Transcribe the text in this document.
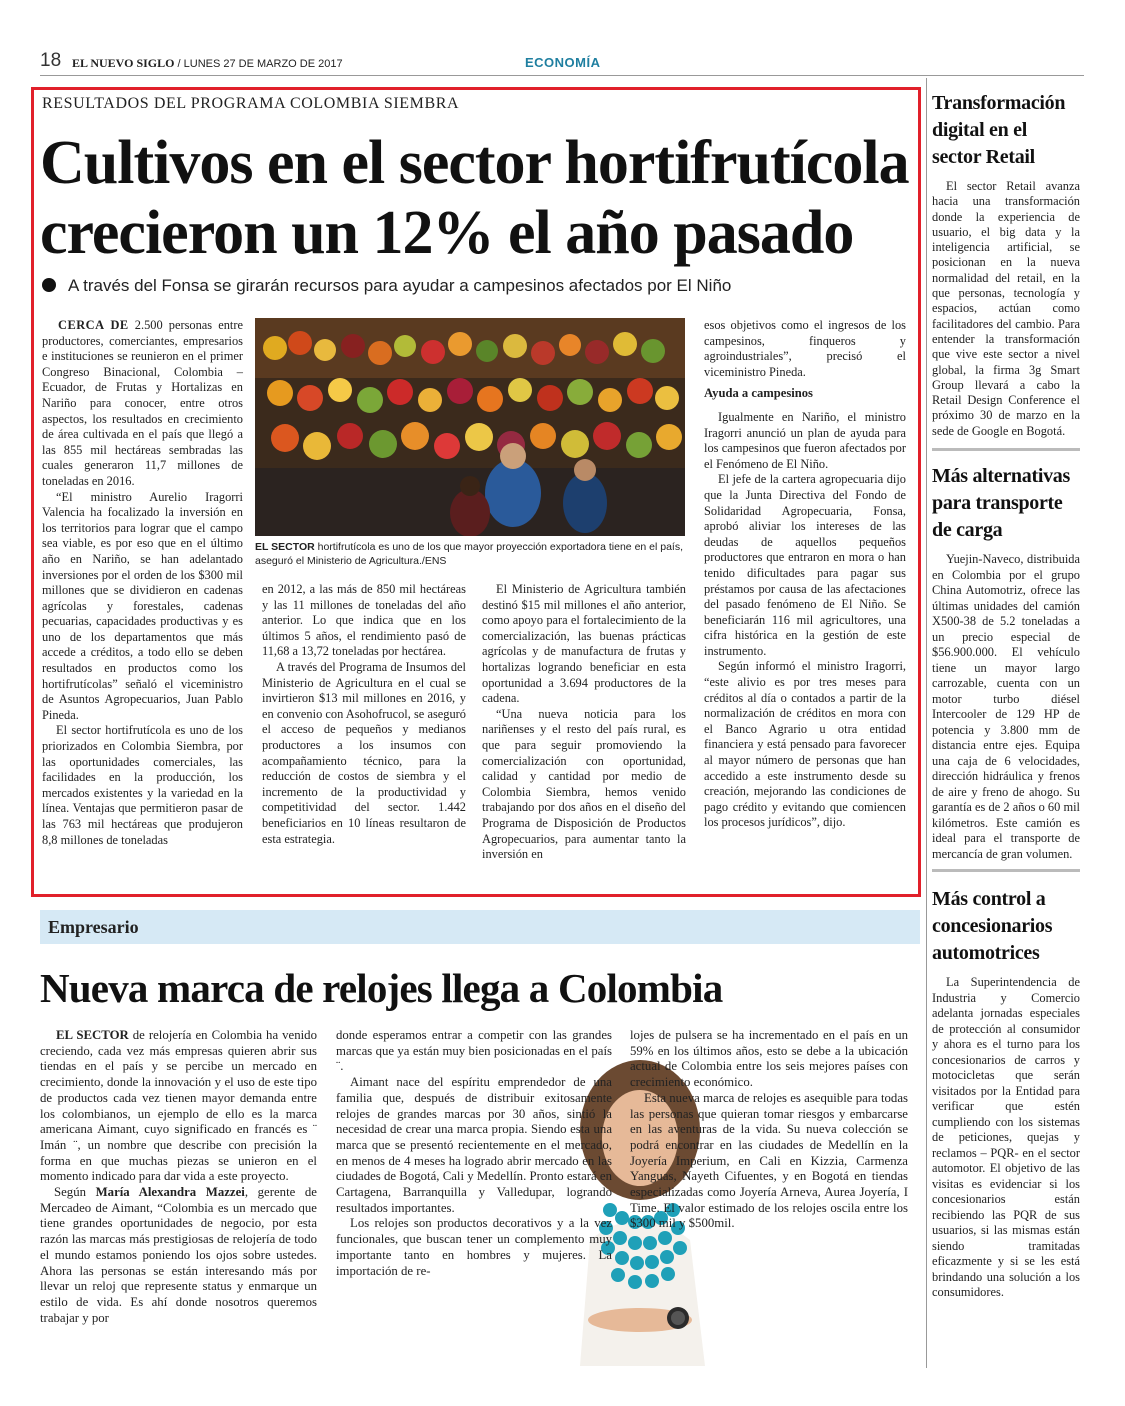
18 EL NUEVO SIGLO / LUNES 27 DE MARZO DE 2017	ECONOMÍA
RESULTADOS DEL PROGRAMA COLOMBIA SIEMBRA
Cultivos en el sector hortifrutícola
crecieron un 12% el año pasado
A través del Fonsa se girarán recursos para ayudar a campesinos afectados por El Niño

CERCA DE 2.500 personas entre productores, comerciantes, empresarios e instituciones se reunieron en el primer Congreso Binacional, Colombia – Ecuador, de Frutas y Hortalizas en Nariño para conocer, entre otros aspectos, los resultados en crecimiento de área cultivada en el país que llegó a las 855 mil hectáreas sembradas las cuales generaron 11,7 millones de toneladas en 2016.

“El ministro Aurelio Iragorri Valencia ha focalizado la inversión en los territorios para lograr que el campo sea viable, es por eso que en el último año en Nariño, se han adelantado inversiones por el orden de los $300 mil millones que se dividieron en cadenas agrícolas y forestales, cadenas pecuarias, capacidades productivas y es uno de los departamentos que más accede a créditos, a todo ello se deben resultados en productos como los hortifrutícolas” señaló el viceministro de Asuntos Agropecuarios, Juan Pablo Pineda.

El sector hortifrutícola es uno de los priorizados en Colombia Siembra, por las oportunidades comerciales, las facilidades en la producción, los mercados existentes y la variedad en la línea. Ventajas que permitieron pasar de las 763 mil hectáreas que produjeron 8,8 millones de toneladas

EL SECTOR hortifrutícola es uno de los que mayor proyección exportadora tiene en el país, aseguró el Ministerio de Agricultura./ENS

en 2012, a las más de 850 mil hectáreas y las 11 millones de toneladas del año anterior. Lo que indica que en los últimos 5 años, el rendimiento pasó de 11,68 a 13,72 toneladas por hectárea.

A través del Programa de Insumos del Ministerio de Agricultura en el cual se invirtieron $13 mil millones en 2016, y en convenio con Asohofrucol, se aseguró el acceso de pequeños y medianos productores a los insumos con acompañamiento técnico, para la reducción de costos de siembra y el incremento de la productividad y competitividad del sector. 1.442 beneficiarios en 10 líneas resultaron de esta estrategia.

El Ministerio de Agricultura también destinó $15 mil millones el año anterior, como apoyo para el fortalecimiento de la comercialización, las buenas prácticas agrícolas y de manufactura de frutas y hortalizas logrando beneficiar en esta oportunidad a 3.694 productores de la cadena.

“Una nueva noticia para los nariñenses y el resto del país rural, es que para seguir promoviendo la comercialización con oportunidad, calidad y cantidad por medio de Colombia Siembra, hemos venido trabajando por dos años en el diseño del Programa de Disposición de Productos Agropecuarios, para aumentar tanto la inversión en

esos objetivos como el ingresos de los campesinos, finqueros y agroindustriales”, precisó el viceministro Pineda.

Ayuda a campesinos

Igualmente en Nariño, el ministro Iragorri anunció un plan de ayuda para los campesinos que fueron afectados por el Fenómeno de El Niño.

El jefe de la cartera agropecuaria dijo que la Junta Directiva del Fondo de Solidaridad Agropecuaria, Fonsa, aprobó aliviar los intereses de las deudas de aquellos pequeños productores que entraron en mora o han tenido dificultades para pagar sus préstamos por causa de las afectaciones del pasado fenómeno de El Niño. Se beneficiarán 116 mil agricultores, una cifra histórica en la gestión de este instrumento.

Según informó el ministro Iragorri, “este alivio es por tres meses para créditos al día o contados a partir de la normalización de créditos en mora con el Banco Agrario u otra entidad financiera y está pensado para favorecer al mayor número de personas que han accedido a este instrumento desde su creación, mejorando las condiciones de pago crédito y evitando que comiencen los procesos jurídicos”, dijo.

Transformación
digital en el
sector Retail

El sector Retail avanza hacia una transformación donde la experiencia de usuario, el big data y la inteligencia artificial, se posicionan en la nueva normalidad del retail, en la que personas, tecnología y espacios, actúan como facilitadores del cambio. Para entender la transformación que vive este sector a nivel global, la firma 3g Smart Group llevará a cabo la Retail Design Conference el próximo 30 de marzo en la sede de Google en Bogotá.

Más alternativas
para transporte
de carga

Yuejin-Naveco, distribuida en Colombia por el grupo China Automotriz, ofrece las últimas unidades del camión X500-38 de 5.2 toneladas a un precio especial de $56.900.000. El vehículo tiene un mayor largo carrozable, cuenta con un motor turbo diésel Intercooler de 129 HP de potencia y 3.800 mm de distancia entre ejes. Equipa una caja de 6 velocidades, dirección hidráulica y frenos de aire y freno de ahogo. Su garantía es de 2 años o 60 mil kilómetros. Este camión es ideal para el transporte de mercancía de gran volumen.

Más control a
concesionarios
automotrices

La Superintendencia de Industria y Comercio adelanta jornadas especiales de protección al consumidor y ahora es el turno para los concesionarios de carros y motocicletas que serán visitados por la Entidad para verificar que estén cumpliendo con los sistemas de peticiones, quejas y reclamos – PQR- en el sector automotor. El objetivo de las visitas es evidenciar si los concesionarios están recibiendo las PQR de sus usuarios, si las mismas están siendo tramitadas eficazmente y si se les está brindando una solución a los consumidores.

Empresario
Nueva marca de relojes llega a Colombia

EL SECTOR de relojería en Colombia ha venido creciendo, cada vez más empresas quieren abrir sus tiendas en el país y se percibe un mercado en crecimiento, donde la innovación y el uso de este tipo de productos cada vez tienen mayor demanda entre los colombianos, un ejemplo de ello es la marca americana Aimant, cuyo significado en francés es ¨ Imán ¨, un nombre que describe con precisión la forma en que muchas piezas se unieron en el momento indicado para dar vida a este proyecto.

Según María Alexandra Mazzei, gerente de Mercadeo de Aimant, “Colombia es un mercado que tiene grandes oportunidades de negocio, por esta razón las marcas más prestigiosas de relojería de todo el mundo estamos poniendo los ojos sobre ustedes. Ahora las personas se están interesando más por llevar un reloj que represente status y enmarque un estilo de vida. Es ahí donde nosotros queremos trabajar y por

donde esperamos entrar a competir con las grandes marcas que ya están muy bien posicionadas en el país ¨.

Aimant nace del espíritu emprendedor de una familia que, después de distribuir exitosamente relojes de grandes marcas por 30 años, sintió la necesidad de crear una marca propia. Siendo esta una marca que se presentó recientemente en el mercado, en menos de 4 meses ha logrado abrir mercado en las ciudades de Bogotá, Cali y Medellín. Pronto estará en Cartagena, Barranquilla y Valledupar, logrando resultados importantes.

Los relojes son productos decorativos y a la vez funcionales, que buscan tener un complemento muy importante tanto en hombres y mujeres. La importación de re-

lojes de pulsera se ha incrementado en el país en un 59% en los últimos años, esto se debe a la ubicación actual de Colombia entre los seis mejores países con crecimiento económico.

Esta nueva marca de relojes es asequible para todas las personas que quieran tomar riesgos y embarcarse en las aventuras de la vida. Su nueva colección se podrá encontrar en las ciudades de Medellín en la Joyería Imperium, en Cali en Kizzia, Carmenza Yanguas, Nayeth Cifuentes, y en Bogotá en tiendas especializadas como Joyería Arneva, Aurea Joyería, I Time. El valor estimado de los relojes oscila entre los $300 mil y $500mil.
